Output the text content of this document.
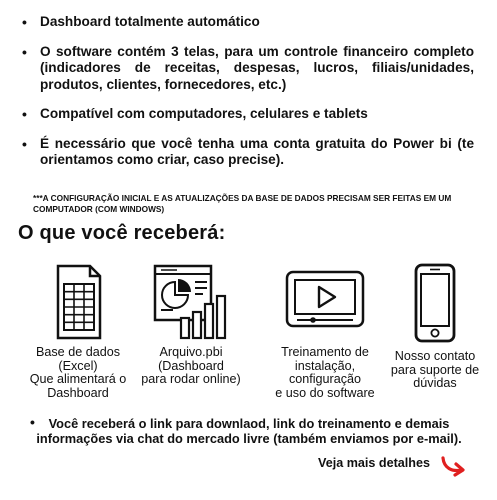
• Dashboard totalmente automático
• O software contém 3 telas, para um controle financeiro completo (indicadores de receitas, despesas, lucros, filiais/unidades, produtos, clientes, fornecedores, etc.)
• Compatível com computadores, celulares e tablets
• É necessário que você tenha uma conta gratuita do Power bi (te orientamos como criar, caso precise).
***A CONFIGURAÇÃO INICIAL E AS ATUALIZAÇÕES DA BASE DE DADOS PRECISAM SER FEITAS EM UM COMPUTADOR (COM WINDOWS)
O que você receberá:
Base de dados
(Excel)
Que alimentará o
Dashboard
Arquivo.pbi
(Dashboard
para rodar online)
Treinamento de
instalação,
configuração
e uso do software
Nosso contato
para suporte de
dúvidas
• Você receberá o link para downlaod, link do treinamento e demais informações via chat do mercado livre (também enviamos por e-mail).
Veja mais detalhes
